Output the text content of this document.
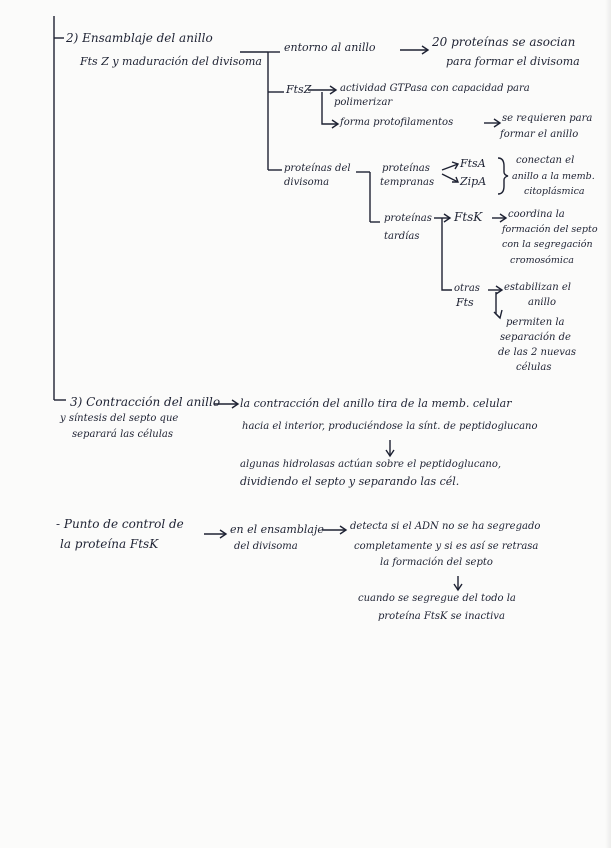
2) Ensamblaje del anillo
Fts Z y maduración del divisoma
entorno al anillo	20 proteínas se asocian
para formar el divisoma
FtsZ	actividad GTPasa con capacidad para
polimerizar
forma protofilamentos	se requieren para
formar el anillo
proteínas del
divisoma
proteínas
tempranas
FtsA
ZipA
conectan el
anillo a la memb.
citoplásmica
proteínas
tardías
FtsK	coordina la
formación del septo
con la segregación
cromosómica
otras
Fts
estabilizan el
anillo
permiten la
separación de
de las 2 nuevas
células
3) Contracción del anillo
y síntesis del septo que
separará las células
la contracción del anillo tira de la memb. celular
hacia el interior, produciéndose la sínt. de peptidoglucano
algunas hidrolasas actúan sobre el peptidoglucano,
dividiendo el septo y separando las cél.
- Punto de control de
la proteína FtsK
en el ensamblaje
del divisoma
detecta si el ADN no se ha segregado
completamente y si es así se retrasa
la formación del septo
cuando se segregue del todo la
proteína FtsK se inactiva
